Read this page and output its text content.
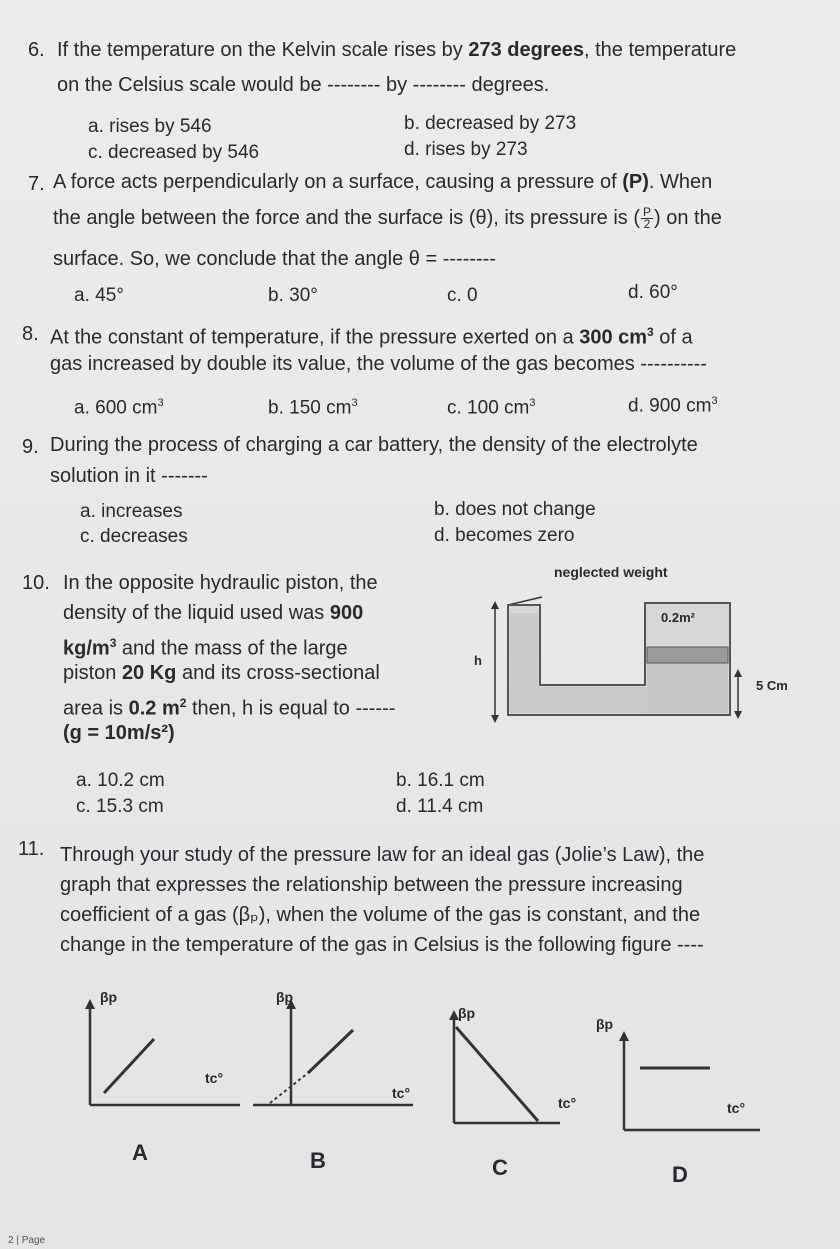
6. If the temperature on the Kelvin scale rises by 273 degrees, the temperature
on the Celsius scale would be -------- by -------- degrees.
a. rises by 546	b. decreased by 273
c. decreased by 546	d. rises by 273
7. A force acts perpendicularly on a surface, causing a pressure of (P). When
the angle between the force and the surface is (θ), its pressure is ( $\frac{P}{2}$ ) on the
surface. So, we conclude that the angle θ = --------
a. 45°	b. 30°	c. 0	d. 60°
8. At the constant of temperature, if the pressure exerted on a 300 $cm^3$ of a
gas increased by double its value, the volume of the gas becomes ----------
a. 600 $cm^3$	b. 150 $cm^3$	c. 100 $cm^3$	d. 900 $cm^3$
9. During the process of charging a car battery, the density of the electrolyte
solution in it -------
a. increases	b. does not change
c. decreases	d. becomes zero
10. In the opposite hydraulic piston, the
density of the liquid used was 900
$kg/m^3$ and the mass of the large
piston 20 Kg and its cross-sectional
area is 0.2 $m^2$ then, h is equal to ------
(g = 10m/s²)
neglected weight
0.2m²
h
5 Cm
a. 10.2 cm	b. 16.1 cm
c. 15.3 cm	d. 11.4 cm
11. Through your study of the pressure law for an ideal gas (Jolie’s Law), the
graph that expresses the relationship between the pressure increasing
coefficient of a gas (βₚ), when the volume of the gas is constant, and the
change in the temperature of the gas in Celsius is the following figure ----
βp
tc°
A
βp
tc°
B
βp
tc°
C
βp
tc°
D
2 | Page
